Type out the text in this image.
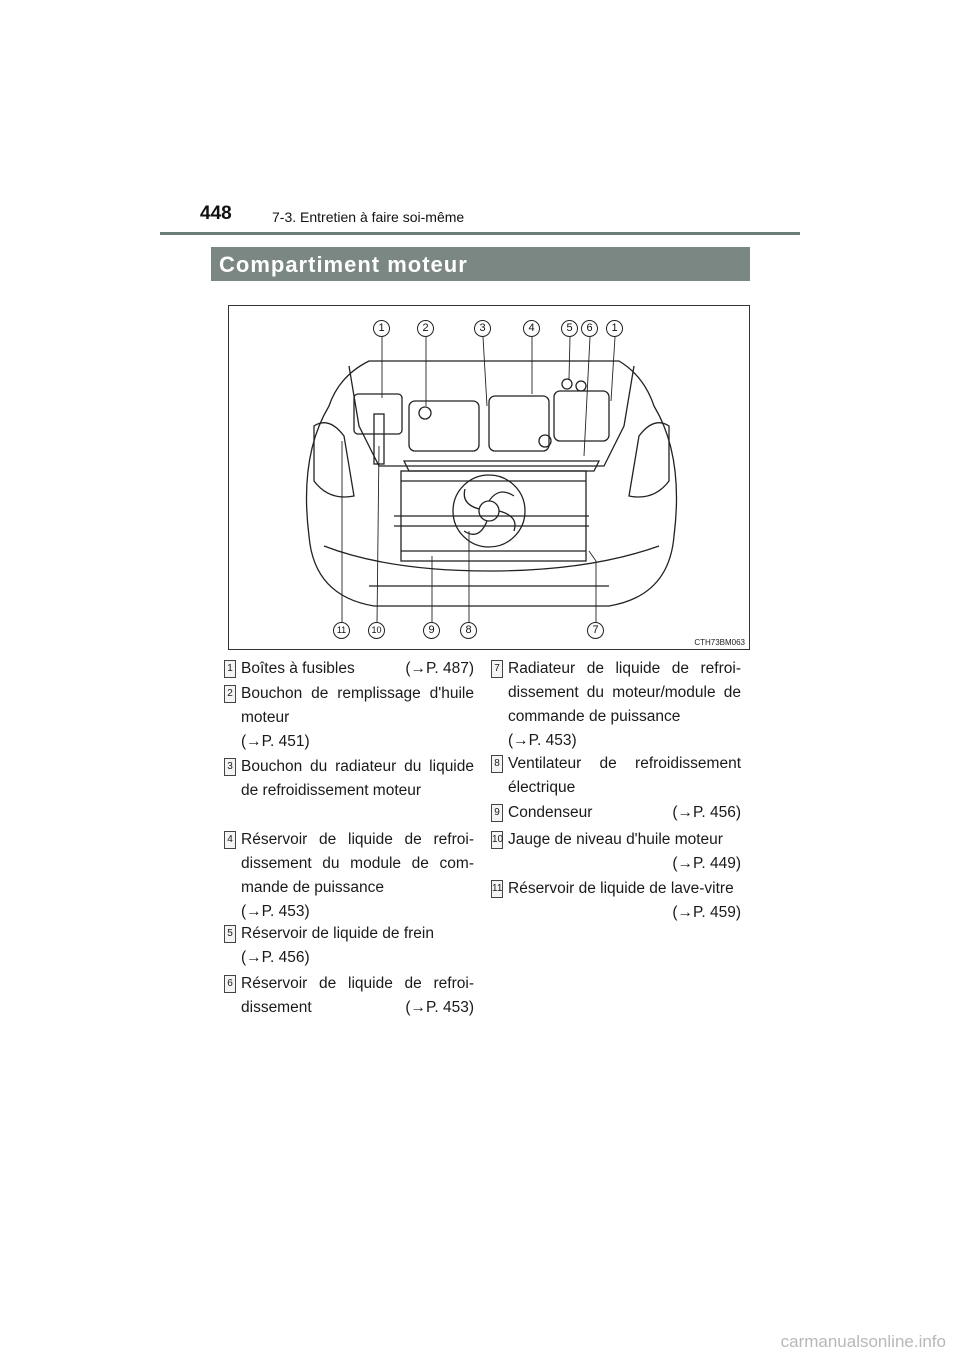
448	7-3. Entretien à faire soi-même
Compartiment moteur
1	2	3	4	5	6	1
11	10	9	8	7
CTH73BM063
1 Boîtes à fusibles	(→P. 487)
2 Bouchon de remplissage d'huile moteur
(→P. 451)
3 Bouchon du radiateur du liquide de refroidissement moteur
4 Réservoir de liquide de refroi-dissement du module de com-mande de puissance
(→P. 453)
5 Réservoir de liquide de frein
(→P. 456)
6 Réservoir de liquide de refroi-dissement	(→P. 453)
7 Radiateur de liquide de refroi-dissement du moteur/module de commande de puissance
(→P. 453)
8 Ventilateur de refroidissement électrique
9 Condenseur	(→P. 456)
10 Jauge de niveau d'huile moteur
(→P. 449)
11 Réservoir de liquide de lave-vitre
(→P. 459)
carmanualsonline.info
